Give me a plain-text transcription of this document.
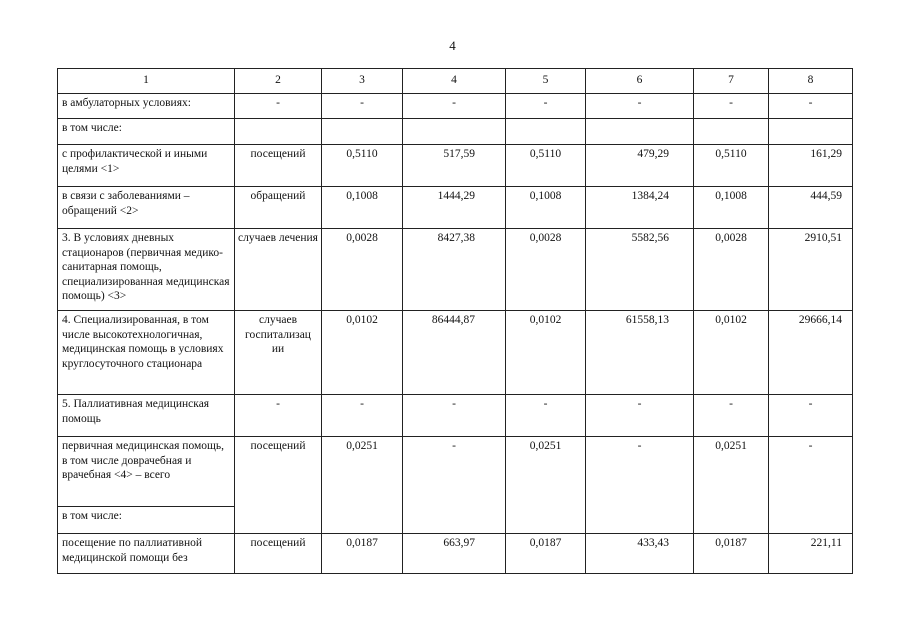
4
1	2	3	4	5	6	7	8
в амбулаторных условиях:	-	-	-	-	-	-	-
в том числе:							
с профилактической и иными целями <1>	посещений	0,5110	517,59	0,5110	479,29	0,5110	161,29
в связи с заболеваниями – обращений <2>	обращений	0,1008	1444,29	0,1008	1384,24	0,1008	444,59
3. В условиях дневных стационаров (первичная медико-санитарная помощь, специализированная медицинская помощь) <3>	случаев лечения	0,0028	8427,38	0,0028	5582,56	0,0028	2910,51
4. Специализированная, в том числе высокотехнологичная, медицинская помощь в условиях круглосуточного стационара	случаев госпитализац ии	0,0102	86444,87	0,0102	61558,13	0,0102	29666,14
5. Паллиативная медицинская помощь	-	-	-	-	-	-	-
первичная медицинская помощь, в том числе доврачебная и врачебная <4> – всего	посещений	0,0251	-	0,0251	-	0,0251	-
в том числе:							
посещение по паллиативной медицинской помощи без	посещений	0,0187	663,97	0,0187	433,43	0,0187	221,11
